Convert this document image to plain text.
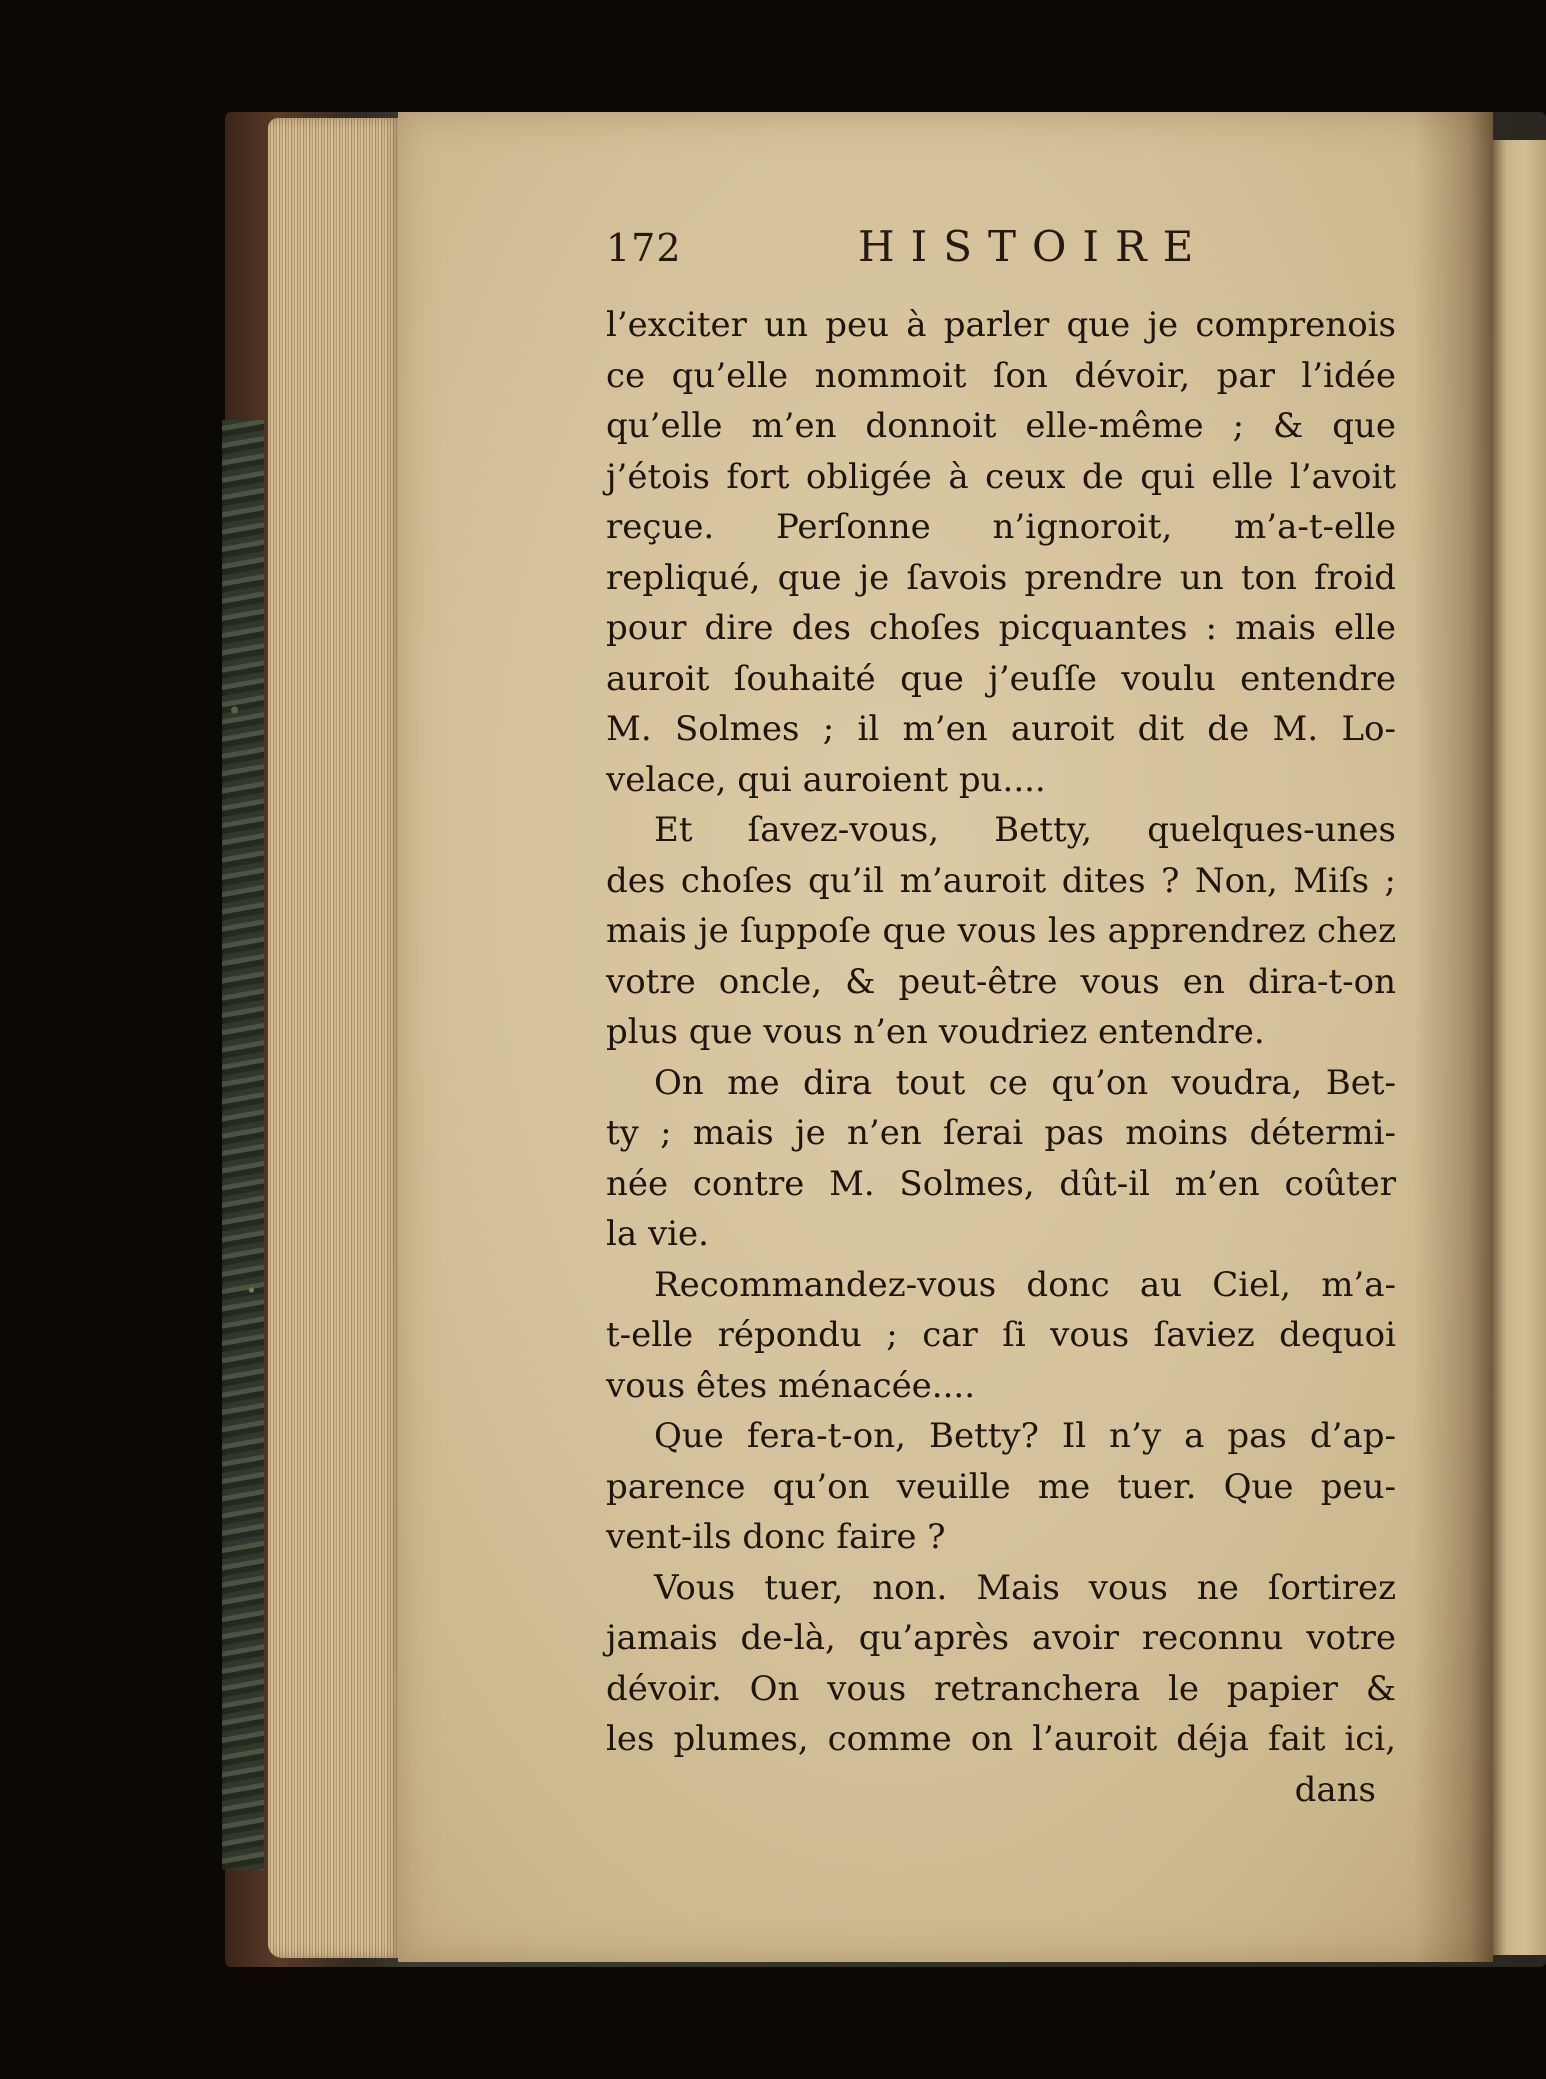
172	HISTOIRE
l’exciter un peu à parler que je comprenois
ce qu’elle nommoit ſon dévoir, par l’idée
qu’elle m’en donnoit elle-même ; & que
j’étois fort obligée à ceux de qui elle l’avoit
reçue. Perſonne n’ignoroit, m’a-t-elle
repliqué, que je ſavois prendre un ton froid
pour dire des choſes picquantes : mais elle
auroit ſouhaité que j’euſſe voulu entendre
M. Solmes ; il m’en auroit dit de M. Lo-
velace, qui auroient pu....
Et ſavez-vous, Betty, quelques-unes
des choſes qu’il m’auroit dites ? Non, Miſs ;
mais je ſuppoſe que vous les apprendrez chez
votre oncle, & peut-être vous en dira-t-on
plus que vous n’en voudriez entendre.
On me dira tout ce qu’on voudra, Bet-
ty ; mais je n’en ſerai pas moins détermi-
née contre M. Solmes, dût-il m’en coûter
la vie.
Recommandez-vous donc au Ciel, m’a-
t-elle répondu ; car ſi vous ſaviez dequoi
vous êtes ménacée....
Que fera-t-on, Betty? Il n’y a pas d’ap-
parence qu’on veuille me tuer. Que peu-
vent-ils donc faire ?
Vous tuer, non. Mais vous ne ſortirez
jamais de-là, qu’après avoir reconnu votre
dévoir. On vous retranchera le papier &
les plumes, comme on l’auroit déja fait ici,
dans
